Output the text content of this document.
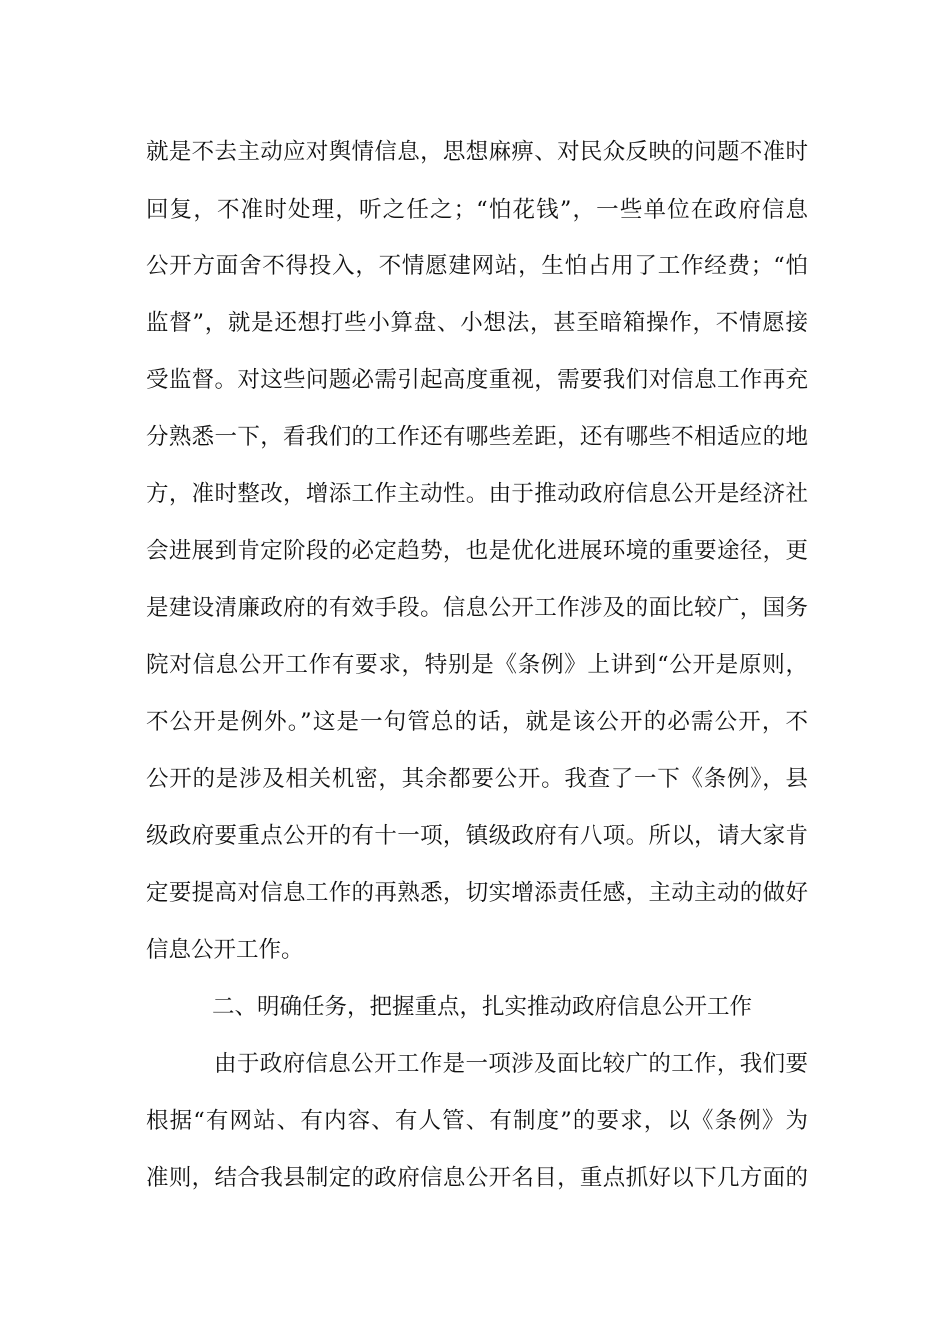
就是不去主动应对舆情信息，思想麻痹、对民众反映的问题不准时
回复，不准时处理，听之任之；“怕花钱”，一些单位在政府信息
公开方面舍不得投入，不情愿建网站，生怕占用了工作经费；“怕
监督”，就是还想打些小算盘、小想法，甚至暗箱操作，不情愿接
受监督。对这些问题必需引起高度重视，需要我们对信息工作再充
分熟悉一下，看我们的工作还有哪些差距，还有哪些不相适应的地
方，准时整改，增添工作主动性。由于推动政府信息公开是经济社
会进展到肯定阶段的必定趋势，也是优化进展环境的重要途径，更
是建设清廉政府的有效手段。信息公开工作涉及的面比较广，国务
院对信息公开工作有要求，特别是《条例》上讲到“公开是原则，
不公开是例外。”这是一句管总的话，就是该公开的必需公开，不
公开的是涉及相关机密，其余都要公开。我查了一下《条例》，县
级政府要重点公开的有十一项，镇级政府有八项。所以，请大家肯
定要提高对信息工作的再熟悉，切实增添责任感，主动主动的做好
信息公开工作。
二、明确任务，把握重点，扎实推动政府信息公开工作
由于政府信息公开工作是一项涉及面比较广的工作，我们要
根据“有网站、有内容、有人管、有制度”的要求，以《条例》为
准则，结合我县制定的政府信息公开名目，重点抓好以下几方面的
